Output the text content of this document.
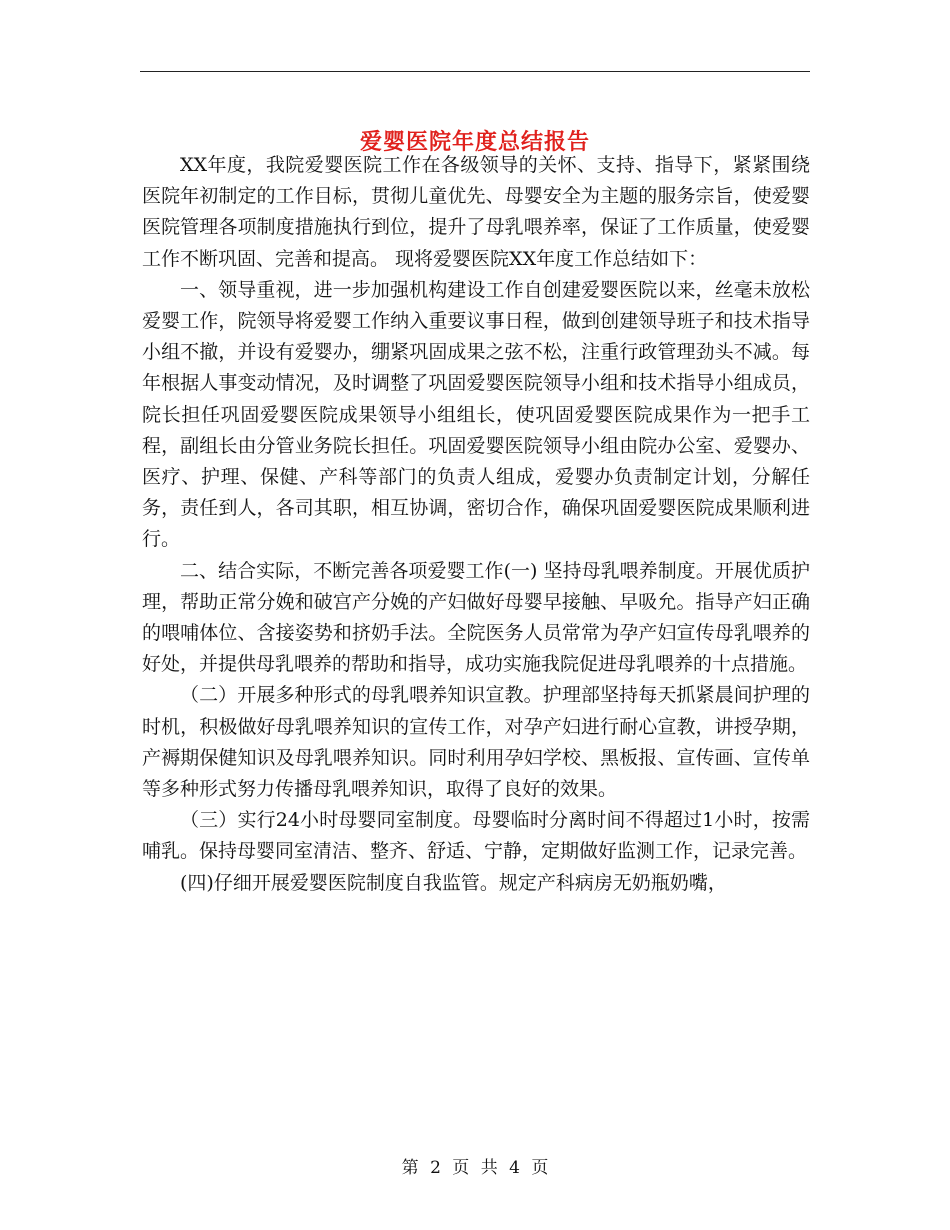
爱婴医院年度总结报告

XX年度，我院爱婴医院工作在各级领导的关怀、支持、指导下，紧紧围绕医院年初制定的工作目标，贯彻儿童优先、母婴安全为主题的服务宗旨，使爱婴医院管理各项制度措施执行到位，提升了母乳喂养率，保证了工作质量，使爱婴工作不断巩固、完善和提高。 现将爱婴医院XX年度工作总结如下：

一、领导重视，进一步加强机构建设工作自创建爱婴医院以来，丝毫未放松爱婴工作，院领导将爱婴工作纳入重要议事日程，做到创建领导班子和技术指导小组不撤，并设有爱婴办，绷紧巩固成果之弦不松，注重行政管理劲头不减。每年根据人事变动情况，及时调整了巩固爱婴医院领导小组和技术指导小组成员，院长担任巩固爱婴医院成果领导小组组长，使巩固爱婴医院成果作为一把手工程，副组长由分管业务院长担任。巩固爱婴医院领导小组由院办公室、爱婴办、医疗、护理、保健、产科等部门的负责人组成，爱婴办负责制定计划，分解任务，责任到人，各司其职，相互协调，密切合作，确保巩固爱婴医院成果顺利进行。

二、结合实际，不断完善各项爱婴工作(一) 坚持母乳喂养制度。开展优质护理，帮助正常分娩和破宫产分娩的产妇做好母婴早接触、早吸允。指导产妇正确的喂哺体位、含接姿势和挤奶手法。全院医务人员常常为孕产妇宣传母乳喂养的好处，并提供母乳喂养的帮助和指导，成功实施我院促进母乳喂养的十点措施。

（二）开展多种形式的母乳喂养知识宣教。护理部坚持每天抓紧晨间护理的时机，积极做好母乳喂养知识的宣传工作，对孕产妇进行耐心宣教，讲授孕期，产褥期保健知识及母乳喂养知识。同时利用孕妇学校、黑板报、宣传画、宣传单等多种形式努力传播母乳喂养知识，取得了良好的效果。

（三）实行24小时母婴同室制度。母婴临时分离时间不得超过1小时，按需哺乳。保持母婴同室清洁、整齐、舒适、宁静，定期做好监测工作，记录完善。

(四)仔细开展爱婴医院制度自我监管。规定产科病房无奶瓶奶嘴，

第 2 页 共 4 页
